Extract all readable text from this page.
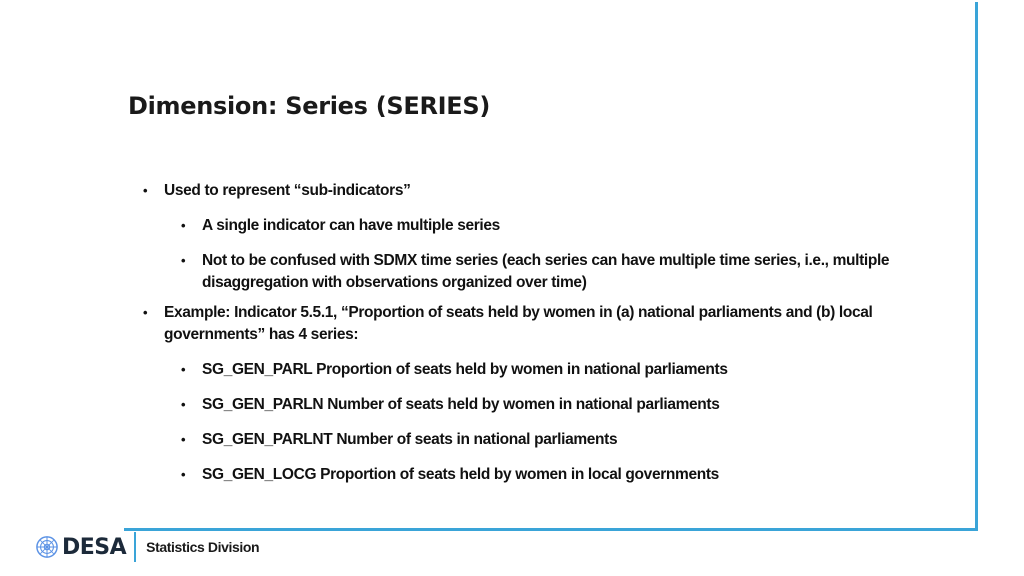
Dimension: Series (SERIES)
•	Used to represent “sub-indicators”
•	A single indicator can have multiple series
•	Not to be confused with SDMX time series (each series can have multiple time series, i.e., multiple disaggregation with observations organized over time)
•	Example: Indicator 5.5.1, “Proportion of seats held by women in (a) national parliaments and (b) local governments” has 4 series:
•	SG_GEN_PARL Proportion of seats held by women in national parliaments
•	SG_GEN_PARLN Number of seats held by women in national parliaments
•	SG_GEN_PARLNT Number of seats in national parliaments
•	SG_GEN_LOCG Proportion of seats held by women in local governments
DESA Statistics Division
